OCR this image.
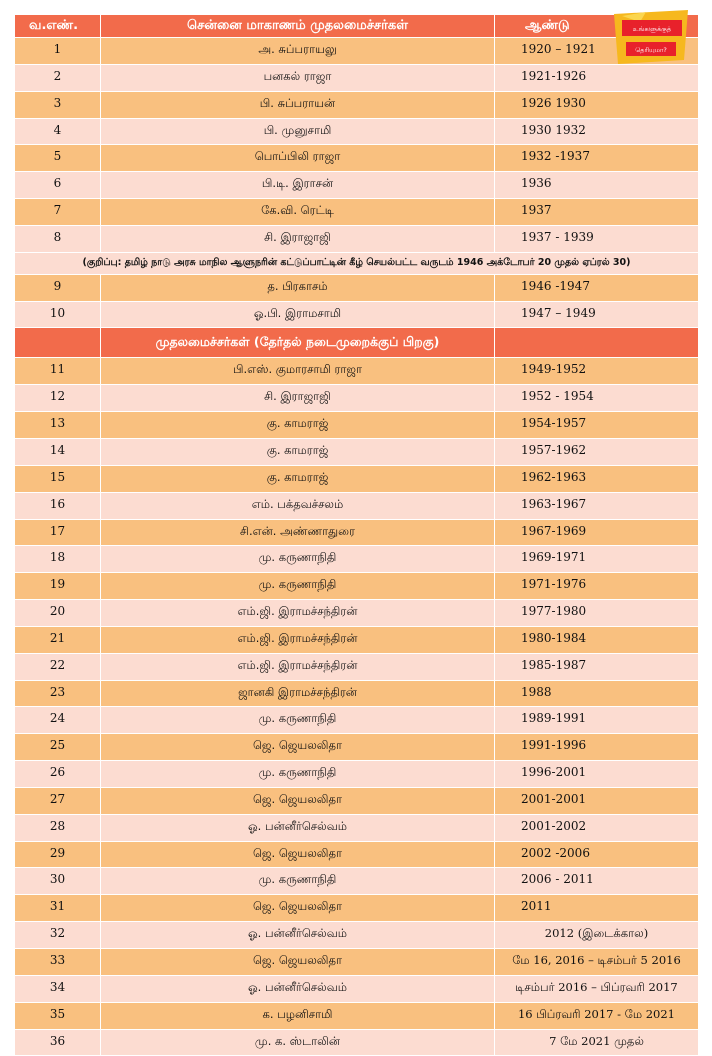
வ.எண்.	சென்னை மாகாணம் முதலமைச்சர்கள்	ஆண்டு
1	அ. சுப்பராயலு	1920 – 1921
2	பனகல் ராஜா	1921-1926
3	பி. சுப்பராயன்	1926 1930
4	பி. முனுசாமி	1930 1932
5	பொப்பிலி ராஜா	1932 -1937
6	பி.டி. இராசன்	1936
7	கே.வி. ரெட்டி	1937
8	சி. இராஜாஜி	1937 - 1939
(குறிப்பு: தமிழ் நாடு அரசு மாநில ஆளுநரின் கட்டுப்பாட்டின் கீழ் செயல்பட்ட வருடம் 1946 அக்டோபர் 20 முதல் ஏப்ரல் 30)		
9	த. பிரகாசம்	1946 -1947
10	ஓ.பி. இராமசாமி	1947 – 1949
	முதலமைச்சர்கள் (தேர்தல் நடைமுறைக்குப் பிறகு)	
11	பி.எஸ். குமாரசாமி ராஜா	1949-1952
12	சி. இராஜாஜி	1952 - 1954
13	கு. காமராஜ்	1954-1957
14	கு. காமராஜ்	1957-1962
15	கு. காமராஜ்	1962-1963
16	எம். பக்தவச்சலம்	1963-1967
17	சி.என். அண்ணாதுரை	1967-1969
18	மு. கருணாநிதி	1969-1971
19	மு. கருணாநிதி	1971-1976
20	எம்.ஜி. இராமச்சந்திரன்	1977-1980
21	எம்.ஜி. இராமச்சந்திரன்	1980-1984
22	எம்.ஜி. இராமச்சந்திரன்	1985-1987
23	ஜானகி இராமச்சந்திரன்	1988
24	மு. கருணாநிதி	1989-1991
25	ஜெ. ஜெயலலிதா	1991-1996
26	மு. கருணாநிதி	1996-2001
27	ஜெ. ஜெயலலிதா	2001-2001
28	ஓ. பன்னீர்செல்வம்	2001-2002
29	ஜெ. ஜெயலலிதா	2002 -2006
30	மு. கருணாநிதி	2006 - 2011
31	ஜெ. ஜெயலலிதா	2011
32	ஓ. பன்னீர்செல்வம்	2012 (இடைக்கால)
33	ஜெ. ஜெயலலிதா	மே 16, 2016 – டிசம்பர் 5 2016
34	ஓ. பன்னீர்செல்வம்	டிசம்பர் 2016 – பிப்ரவரி 2017
35	க. பழனிசாமி	16 பிப்ரவரி 2017 - மே 2021
36	மு. க. ஸ்டாலின்	7 மே 2021 முதல்
உங்களுக்குத்
தெரியுமா?
